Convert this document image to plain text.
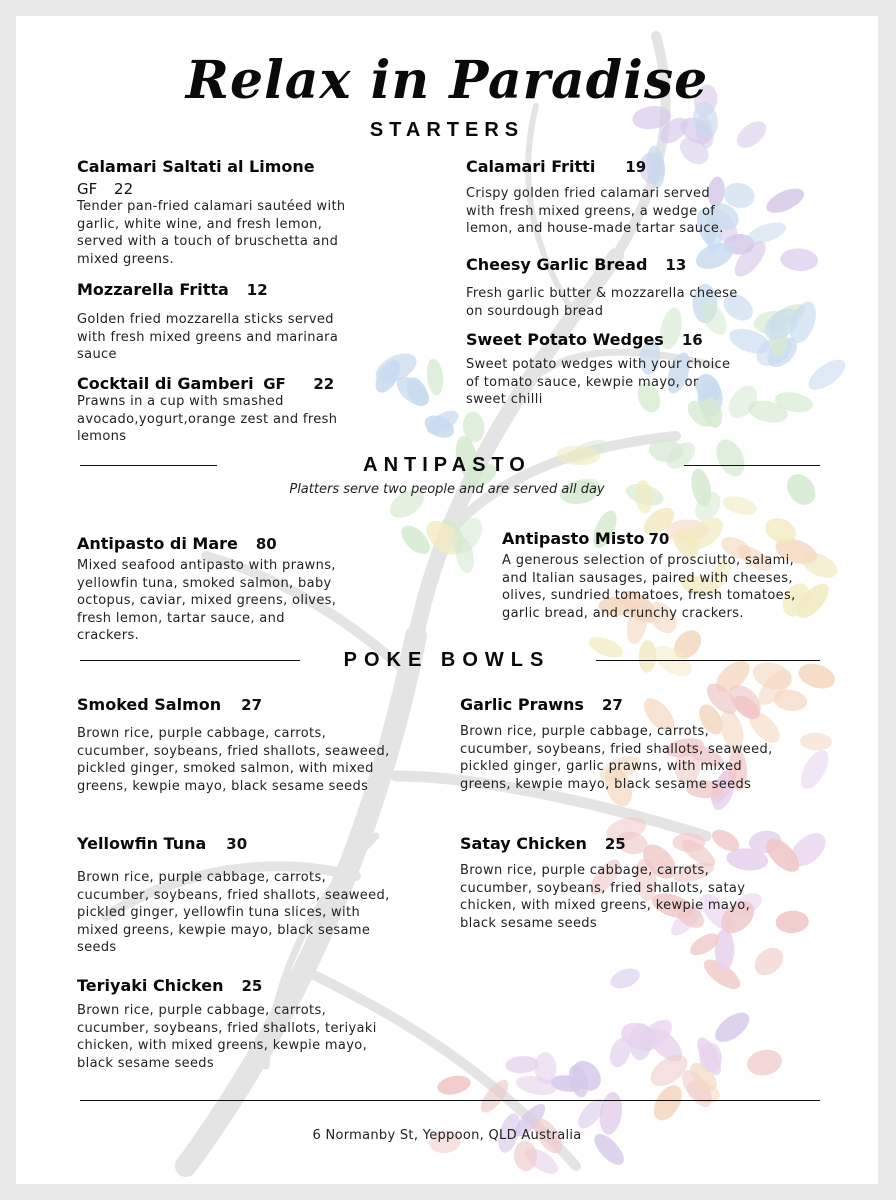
Relax in Paradise
STARTERS
Calamari Saltati al Limone
GF 22
Tender pan-fried calamari sautéed with
garlic, white wine, and fresh lemon,
served with a touch of bruschetta and
mixed greens.
Calamari Fritti 19
Crispy golden fried calamari served
with fresh mixed greens, a wedge of
lemon, and house-made tartar sauce.
Mozzarella Fritta 12
Golden fried mozzarella sticks served
with fresh mixed greens and marinara
sauce
Cheesy Garlic Bread 13
Fresh garlic butter & mozzarella cheese
on sourdough bread
Sweet Potato Wedges 16
Sweet potato wedges with your choice
of tomato sauce, kewpie mayo, or
sweet chilli
Cocktail di Gamberi GF 22
Prawns in a cup with smashed
avocado,yogurt,orange zest and fresh
lemons
ANTIPASTO
Platters serve two people and are served all day
Antipasto di Mare 80
Mixed seafood antipasto with prawns,
yellowfin tuna, smoked salmon, baby
octopus, caviar, mixed greens, olives,
fresh lemon, tartar sauce, and
crackers.
Antipasto Misto 70
A generous selection of prosciutto, salami,
and Italian sausages, paired with cheeses,
olives, sundried tomatoes, fresh tomatoes,
garlic bread, and crunchy crackers.
POKE BOWLS
Smoked Salmon 27
Brown rice, purple cabbage, carrots,
cucumber, soybeans, fried shallots, seaweed,
pickled ginger, smoked salmon, with mixed
greens, kewpie mayo, black sesame seeds
Garlic Prawns 27
Brown rice, purple cabbage, carrots,
cucumber, soybeans, fried shallots, seaweed,
pickled ginger, garlic prawns, with mixed
greens, kewpie mayo, black sesame seeds
Yellowfin Tuna 30
Brown rice, purple cabbage, carrots,
cucumber, soybeans, fried shallots, seaweed,
pickled ginger, yellowfin tuna slices, with
mixed greens, kewpie mayo, black sesame
seeds
Satay Chicken 25
Brown rice, purple cabbage, carrots,
cucumber, soybeans, fried shallots, satay
chicken, with mixed greens, kewpie mayo,
black sesame seeds
Teriyaki Chicken 25
Brown rice, purple cabbage, carrots,
cucumber, soybeans, fried shallots, teriyaki
chicken, with mixed greens, kewpie mayo,
black sesame seeds
6 Normanby St, Yeppoon, QLD Australia
